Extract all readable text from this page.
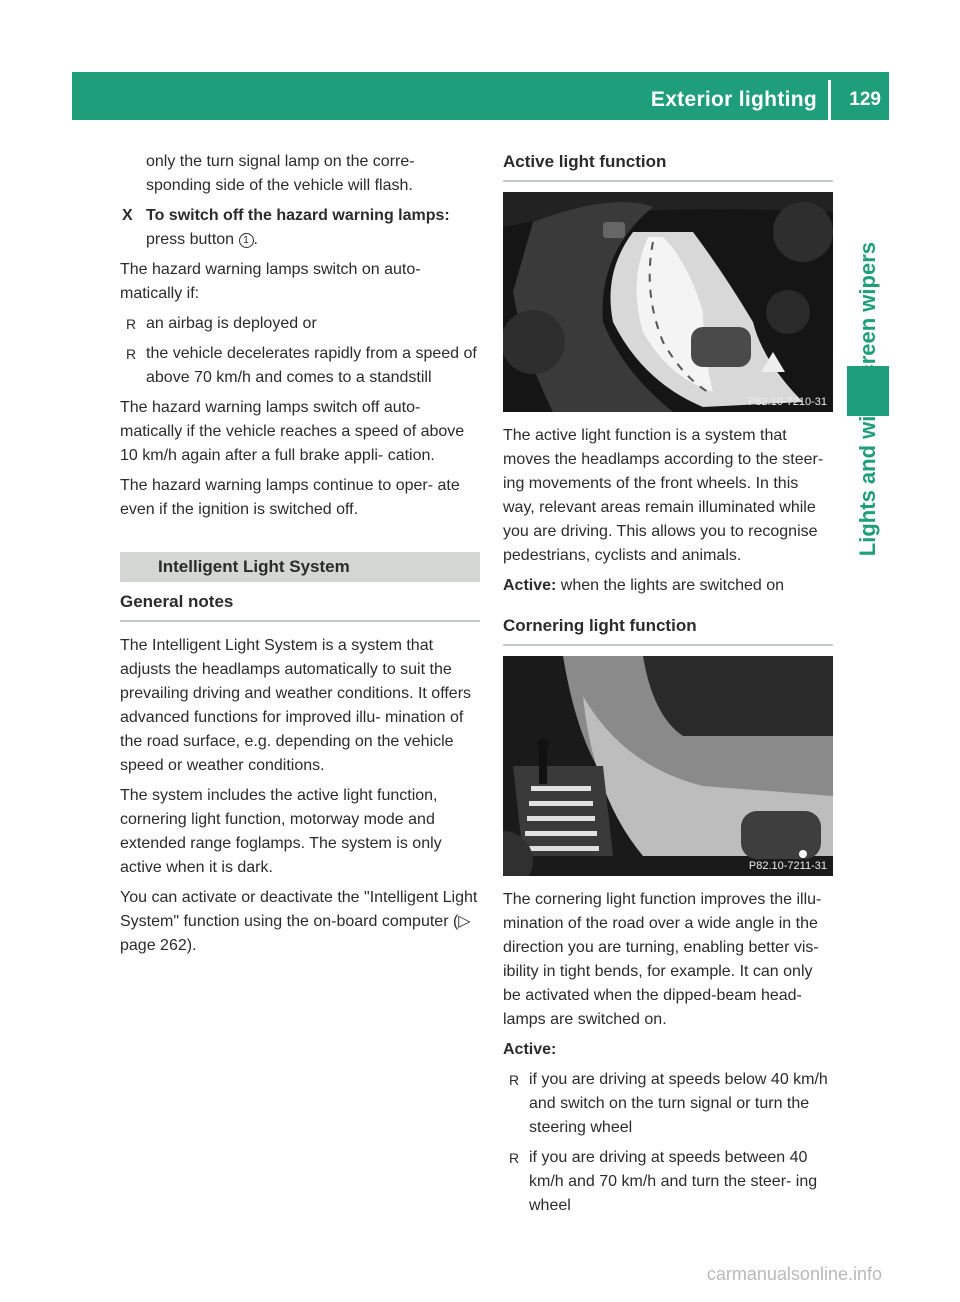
Exterior lighting 129
Lights and windscreen wipers

only the turn signal lamp on the corre- sponding side of the vehicle will flash.

X To switch off the hazard warning lamps:

press button 1 .

The hazard warning lamps switch on auto- matically if:

R an airbag is deployed or
R the vehicle decelerates rapidly from a speed of above 70 km/h and comes to a standstill

The hazard warning lamps switch off auto- matically if the vehicle reaches a speed of above 10 km/h again after a full brake appli- cation.

The hazard warning lamps continue to oper- ate even if the ignition is switched off.

Intelligent Light System
General notes

The Intelligent Light System is a system that adjusts the headlamps automatically to suit the prevailing driving and weather conditions. It offers advanced functions for improved illu- mination of the road surface, e.g. depending on the vehicle speed or weather conditions.

The system includes the active light function, cornering light function, motorway mode and extended range foglamps. The system is only active when it is dark.

You can activate or deactivate the "Intelligent Light System" function using the on-board computer (▷ page 262).

Active light function
P82.10-7210-31

The active light function is a system that moves the headlamps according to the steer- ing movements of the front wheels. In this way, relevant areas remain illuminated while you are driving. This allows you to recognise pedestrians, cyclists and animals.

Active: when the lights are switched on

Cornering light function
P82.10-7211-31

The cornering light function improves the illu- mination of the road over a wide angle in the direction you are turning, enabling better vis- ibility in tight bends, for example. It can only be activated when the dipped-beam head- lamps are switched on.

Active:

R if you are driving at speeds below 40 km/h and switch on the turn signal or turn the steering wheel
R if you are driving at speeds between 40 km/h and 70 km/h and turn the steer- ing wheel
carmanualsonline.info
